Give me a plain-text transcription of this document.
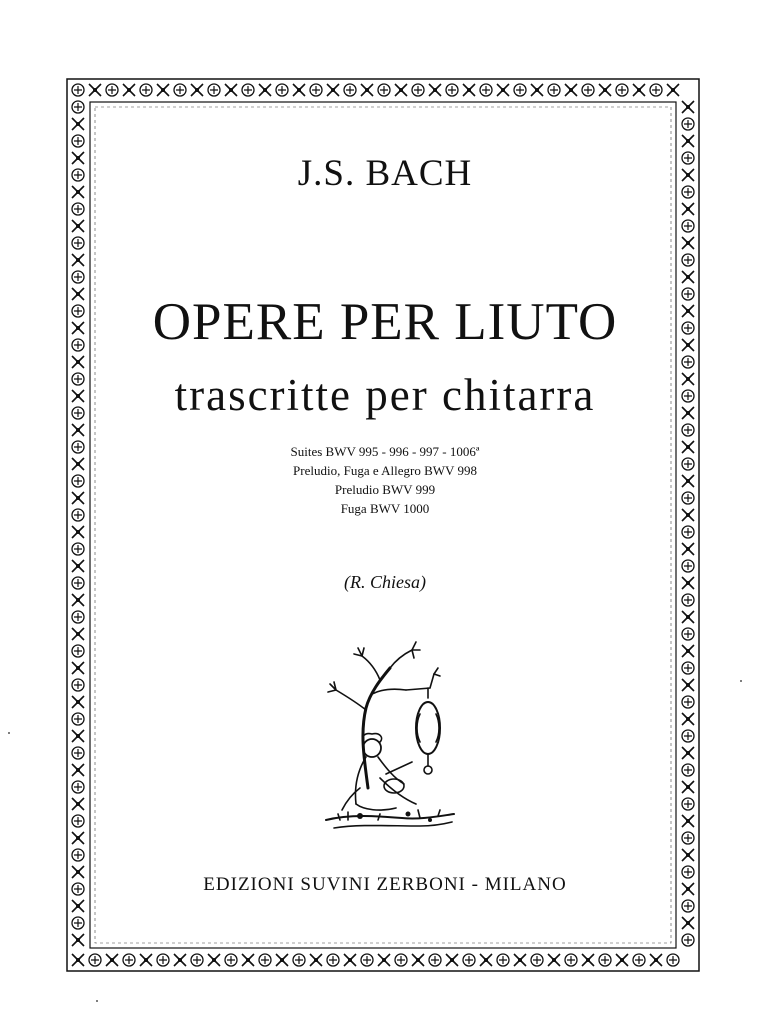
J.S. BACH
OPERE PER LIUTO
trascritte per chitarra
Suites BWV 995 - 996 - 997 - 1006ª
Preludio, Fuga e Allegro BWV 998
Preludio BWV 999
Fuga BWV 1000
(R. Chiesa)
EDIZIONI SUVINI ZERBONI - MILANO
